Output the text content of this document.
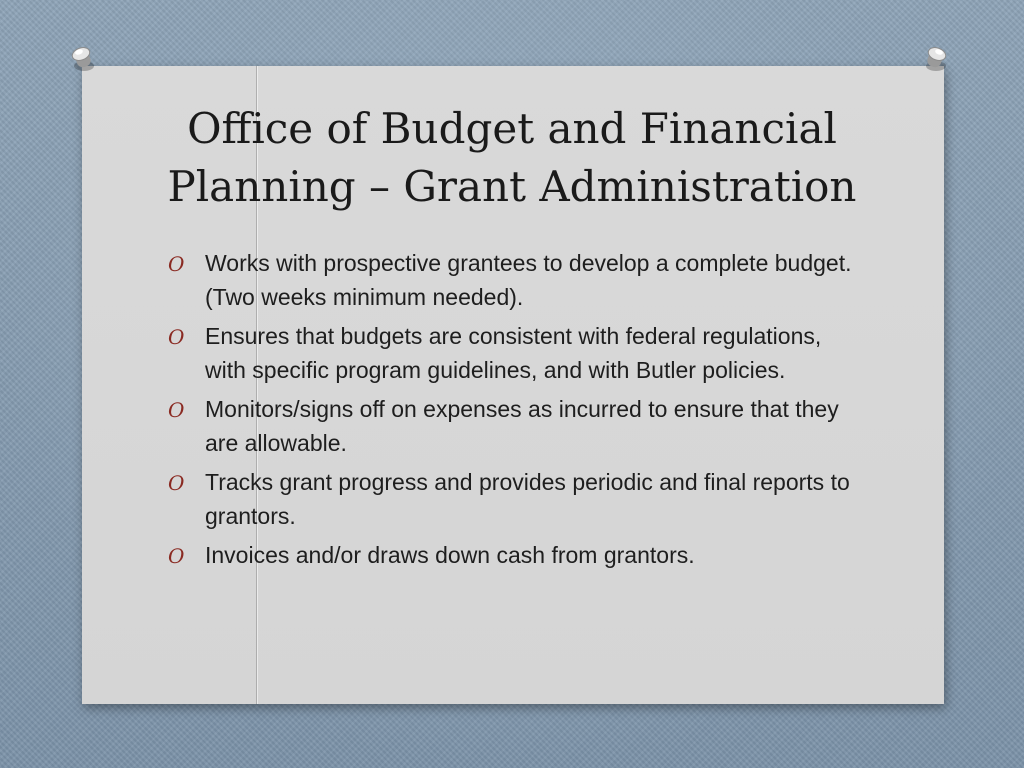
Office of Budget and Financial Planning – Grant Administration
O Works with prospective grantees to develop a complete budget. (Two weeks minimum needed).
O Ensures that budgets are consistent with federal regulations, with specific program guidelines, and with Butler policies.
O Monitors/signs off on expenses as incurred to ensure that they are allowable.
O Tracks grant progress and provides periodic and final reports to grantors.
O Invoices and/or draws down cash from grantors.
